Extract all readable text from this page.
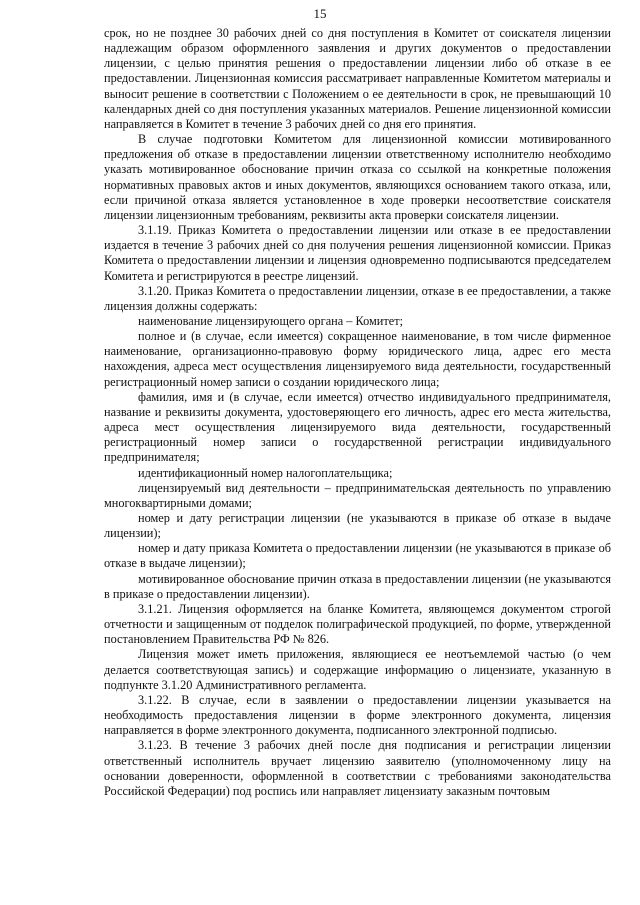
15

срок, но не позднее 30 рабочих дней со дня поступления в Комитет от соискателя лицензии надлежащим образом оформленного заявления и других документов о предоставлении лицензии, с целью принятия решения о предоставлении лицензии либо об отказе в ее предоставлении. Лицензионная комиссия рассматривает направленные Комитетом материалы и выносит решение в соответствии с Положением о ее деятельности в срок, не превышающий 10 календарных дней со дня поступления указанных материалов. Решение лицензионной комиссии направляется в Комитет в течение 3 рабочих дней со дня его принятия.

В случае подготовки Комитетом для лицензионной комиссии мотивированного предложения об отказе в предоставлении лицензии ответственному исполнителю необходимо указать мотивированное обоснование причин отказа со ссылкой на конкретные положения нормативных правовых актов и иных документов, являющихся основанием такого отказа, или, если причиной отказа является установленное в ходе проверки несоответствие соискателя лицензии лицензионным требованиям, реквизиты акта проверки соискателя лицензии.

3.1.19. Приказ Комитета о предоставлении лицензии или отказе в ее предоставлении издается в течение 3 рабочих дней со дня получения решения лицензионной комиссии. Приказ Комитета о предоставлении лицензии и лицензия одновременно подписываются председателем Комитета и регистрируются в реестре лицензий.

3.1.20. Приказ Комитета о предоставлении лицензии, отказе в ее предоставлении, а также лицензия должны содержать:

наименование лицензирующего органа – Комитет;

полное и (в случае, если имеется) сокращенное наименование, в том числе фирменное наименование, организационно-правовую форму юридического лица, адрес его места нахождения, адреса мест осуществления лицензируемого вида деятельности, государственный регистрационный номер записи о создании юридического лица;

фамилия, имя и (в случае, если имеется) отчество индивидуального предпринимателя, название и реквизиты документа, удостоверяющего его личность, адрес его места жительства, адреса мест осуществления лицензируемого вида деятельности, государственный регистрационный номер записи о государственной регистрации индивидуального предпринимателя;

идентификационный номер налогоплательщика;

лицензируемый вид деятельности – предпринимательская деятельность по управлению многоквартирными домами;

номер и дату регистрации лицензии (не указываются в приказе об отказе в выдаче лицензии);

номер и дату приказа Комитета о предоставлении лицензии (не указываются в приказе об отказе в выдаче лицензии);

мотивированное обоснование причин отказа в предоставлении лицензии (не указываются в приказе о предоставлении лицензии).

3.1.21. Лицензия оформляется на бланке Комитета, являющемся документом строгой отчетности и защищенным от подделок полиграфической продукцией, по форме, утвержденной постановлением Правительства РФ № 826.

Лицензия может иметь приложения, являющиеся ее неотъемлемой частью (о чем делается соответствующая запись) и содержащие информацию о лицензиате, указанную в подпункте 3.1.20 Административного регламента.

3.1.22. В случае, если в заявлении о предоставлении лицензии указывается на необходимость предоставления лицензии в форме электронного документа, лицензия направляется в форме электронного документа, подписанного электронной подписью.

3.1.23. В течение 3 рабочих дней после дня подписания и регистрации лицензии ответственный исполнитель вручает лицензию заявителю (уполномоченному лицу на основании доверенности, оформленной в соответствии с требованиями законодательства Российской Федерации) под роспись или направляет лицензиату заказным почтовым
